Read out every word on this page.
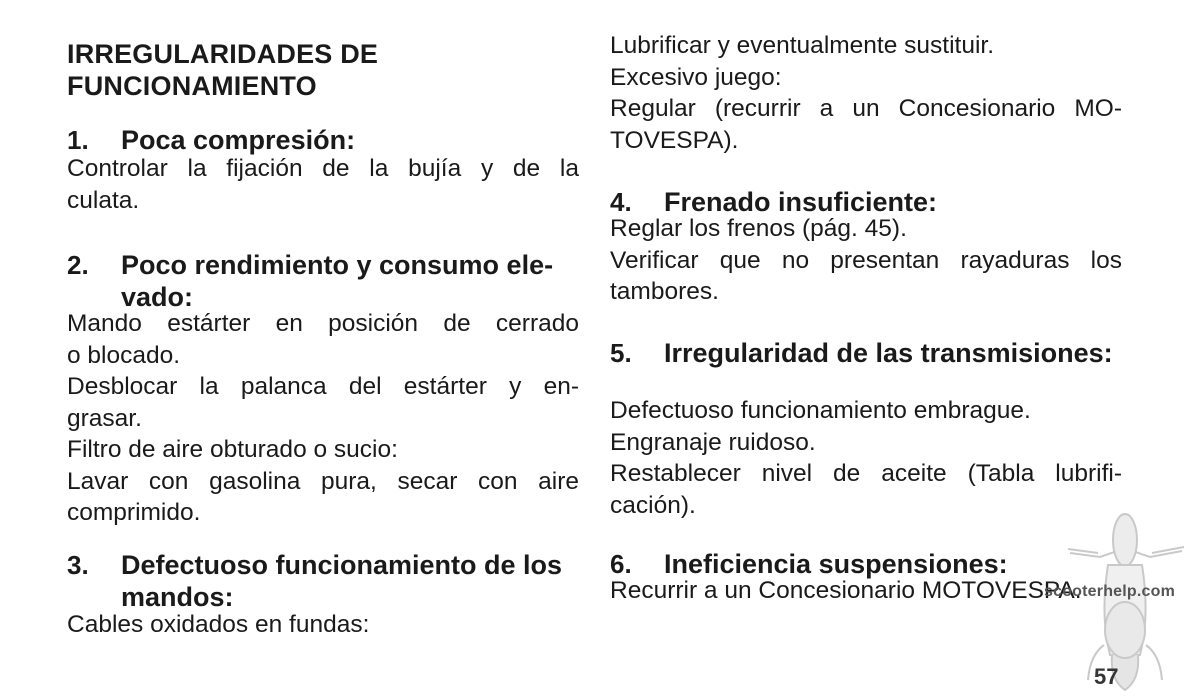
IRREGULARIDADES DE
FUNCIONAMIENTO
1. Poca compresión:
Controlar la fijación de la bujía y de la
culata.
2. Poco rendimiento y consumo ele-
vado:
Mando estárter en posición de cerrado
o blocado.
Desblocar la palanca del estárter y en-
grasar.
Filtro de aire obturado o sucio:
Lavar con gasolina pura, secar con aire
comprimido.
3. Defectuoso funcionamiento de los
mandos:
Cables oxidados en fundas:
Lubrificar y eventualmente sustituir.
Excesivo juego:
Regular (recurrir a un Concesionario MO-
TOVESPA).
4. Frenado insuficiente:
Reglar los frenos (pág. 45).
Verificar que no presentan rayaduras los
tambores.
5. Irregularidad de las transmisiones:
Defectuoso funcionamiento embrague.
Engranaje ruidoso.
Restablecer nivel de aceite (Tabla lubrifi-
cación).
6. Ineficiencia suspensiones:
Recurrir a un Concesionario MOTOVESPA.
scooterhelp.com
57
